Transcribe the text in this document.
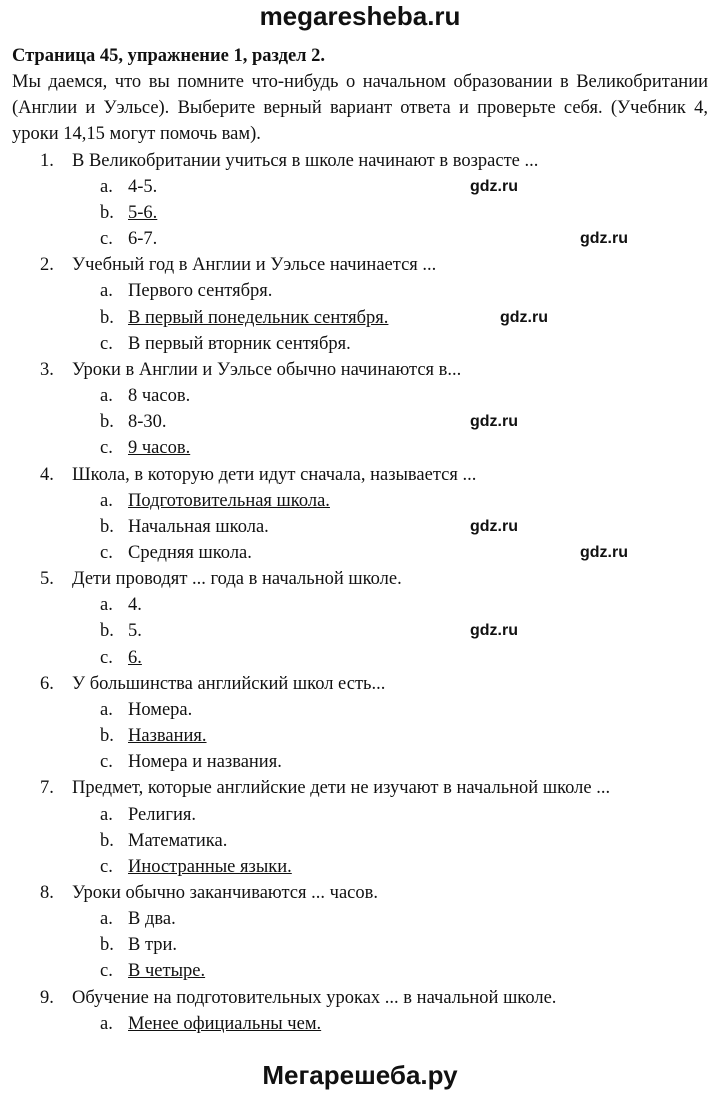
megaresheba.ru
Страница 45, упражнение 1, раздел 2.
Мы даемся, что вы помните что-нибудь о начальном образовании в Великобритании (Англии и Уэльсе). Выберите верный вариант ответа и проверьте себя. (Учебник 4, уроки 14,15 могут помочь вам).
1. В Великобритании учиться в школе начинают в возрасте ...
a. 4-5.
b. 5-6.
c. 6-7.
2. Учебный год в Англии и Уэльсе начинается ...
a. Первого сентября.
b. В первый понедельник сентября.
c. В первый вторник сентября.
3. Уроки в Англии и Уэльсе обычно начинаются в...
a. 8 часов.
b. 8-30.
c. 9 часов.
4. Школа, в которую дети идут сначала, называется ...
a. Подготовительная школа.
b. Начальная школа.
c. Средняя школа.
5. Дети проводят ... года в начальной школе.
a. 4.
b. 5.
c. 6.
6. У большинства английский школ есть...
a. Номера.
b. Названия.
c. Номера и названия.
7. Предмет, которые английские дети не изучают в начальной школе ...
a. Религия.
b. Математика.
c. Иностранные языки.
8. Уроки обычно заканчиваются ... часов.
a. В два.
b. В три.
c. В четыре.
9. Обучение на подготовительных уроках ... в начальной школе.
a. Менее официальны чем.
Мегарешеба.ру
gdz.ru
gdz.ru
gdz.ru
gdz.ru
gdz.ru
gdz.ru
gdz.ru
